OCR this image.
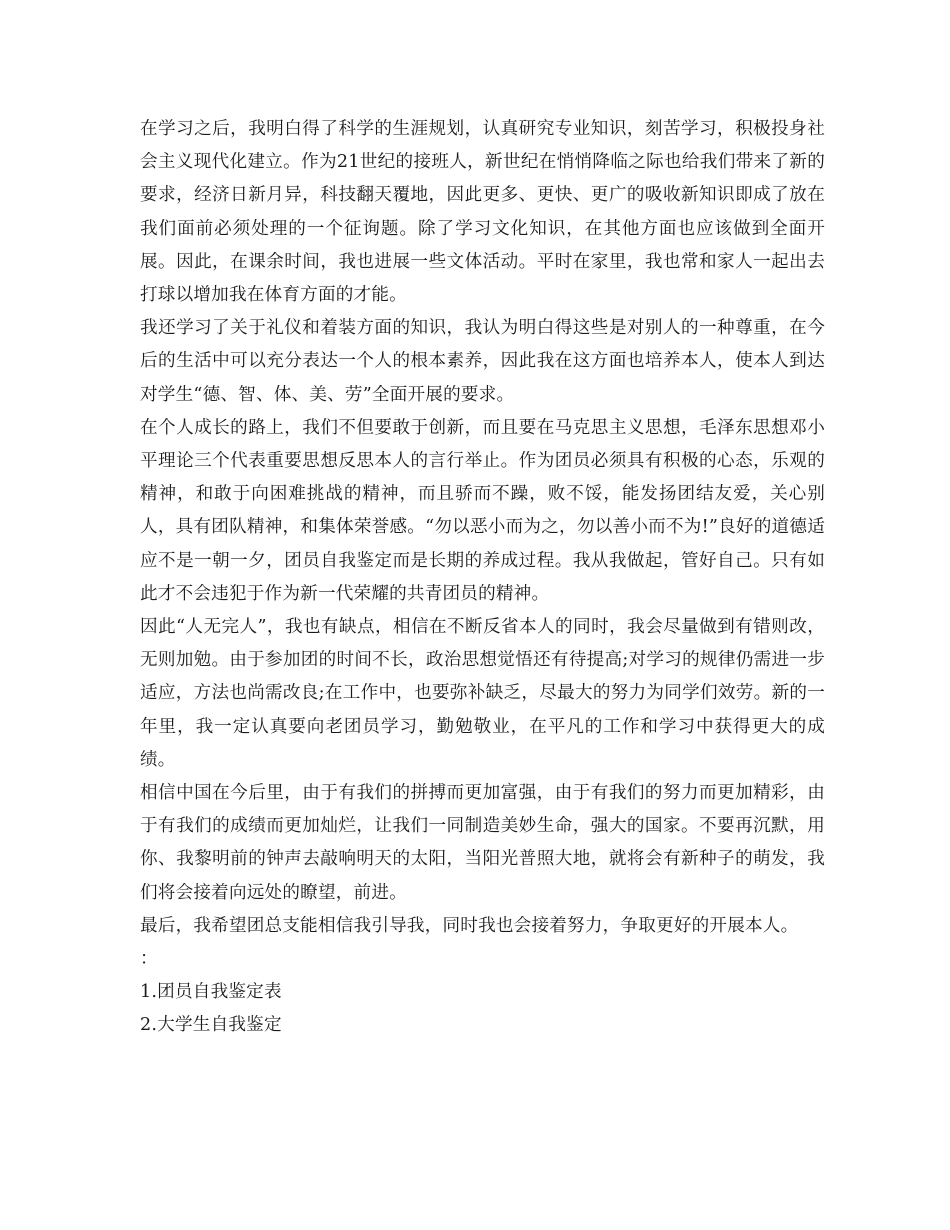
在学习之后，我明白得了科学的生涯规划，认真研究专业知识，刻苦学习，积极投身社会主义现代化建立。作为21世纪的接班人，新世纪在悄悄降临之际也给我们带来了新的要求，经济日新月异，科技翻天覆地，因此更多、更快、更广的吸收新知识即成了放在我们面前必须处理的一个征询题。除了学习文化知识，在其他方面也应该做到全面开展。因此，在课余时间，我也进展一些文体活动。平时在家里，我也常和家人一起出去打球以增加我在体育方面的才能。

我还学习了关于礼仪和着装方面的知识，我认为明白得这些是对别人的一种尊重，在今后的生活中可以充分表达一个人的根本素养，因此我在这方面也培养本人，使本人到达对学生“德、智、体、美、劳”全面开展的要求。

在个人成长的路上，我们不但要敢于创新，而且要在马克思主义思想，毛泽东思想邓小平理论三个代表重要思想反思本人的言行举止。作为团员必须具有积极的心态，乐观的精神，和敢于向困难挑战的精神，而且骄而不躁，败不馁，能发扬团结友爱，关心别人，具有团队精神，和集体荣誉感。“勿以恶小而为之，勿以善小而不为!”良好的道德适应不是一朝一夕，团员自我鉴定而是长期的养成过程。我从我做起，管好自己。只有如此才不会违犯于作为新一代荣耀的共青团员的精神。

因此“人无完人”，我也有缺点，相信在不断反省本人的同时，我会尽量做到有错则改，无则加勉。由于参加团的时间不长，政治思想觉悟还有待提高;对学习的规律仍需进一步适应，方法也尚需改良;在工作中，也要弥补缺乏，尽最大的努力为同学们效劳。新的一年里，我一定认真要向老团员学习，勤勉敬业，在平凡的工作和学习中获得更大的成绩。

相信中国在今后里，由于有我们的拼搏而更加富强，由于有我们的努力而更加精彩，由于有我们的成绩而更加灿烂，让我们一同制造美妙生命，强大的国家。不要再沉默，用你、我黎明前的钟声去敲响明天的太阳，当阳光普照大地，就将会有新种子的萌发，我们将会接着向远处的瞭望，前进。

最后，我希望团总支能相信我引导我，同时我也会接着努力，争取更好的开展本人。

：

1.团员自我鉴定表
2.大学生自我鉴定
